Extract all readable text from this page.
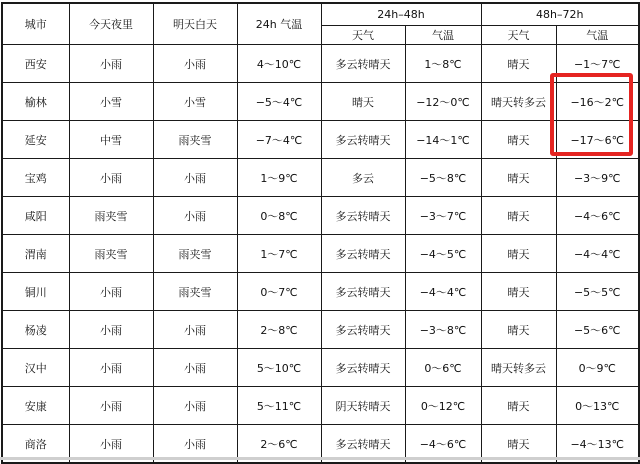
城市	今天夜里	明天白天	24h 气温	24h–48h		48h–72h	
				天气	气温	天气	气温
西安	小雨	小雨	4～10℃	多云转晴天	1～8℃	晴天	−1～7℃
榆林	小雪	小雪	−5～4℃	晴天	−12～0℃	晴天转多云	−16～2℃
延安	中雪	雨夹雪	−7～4℃	多云转晴天	−14～1℃	晴天	−17～6℃
宝鸡	小雨	小雨	1～9℃	多云	−5～8℃	晴天	−3～9℃
咸阳	雨夹雪	小雨	0～8℃	多云转晴天	−3～7℃	晴天	−4～6℃
渭南	雨夹雪	雨夹雪	1～7℃	多云转晴天	−4～5℃	晴天	−4～4℃
铜川	小雨	雨夹雪	0～7℃	多云转晴天	−4～4℃	晴天	−5～5℃
杨凌	小雨	小雨	2～8℃	多云转晴天	−3～8℃	晴天	−5～6℃
汉中	小雨	小雨	5～10℃	多云转晴天	0～6℃	晴天转多云	0～9℃
安康	小雨	小雨	5～11℃	阴天转晴天	0～12℃	晴天	0～13℃
商洛	小雨	小雨	2～6℃	多云转晴天	−4～6℃	晴天	−4～13℃
